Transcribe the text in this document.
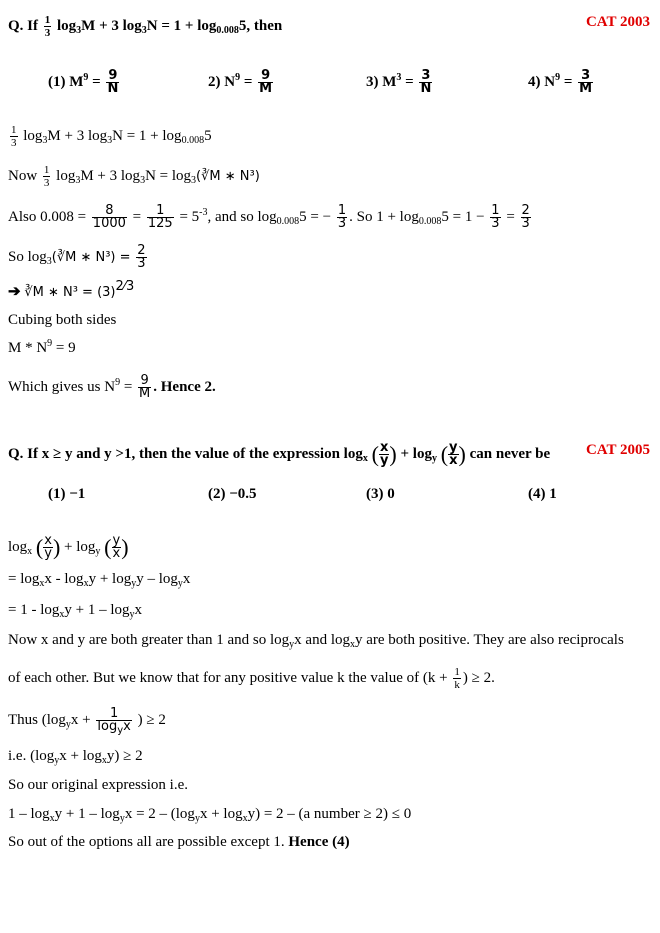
Q. If $\frac{1}{3} \log_3M + 3$ $\log_3N = 1 + \log_{0.008}5$, then	CAT 2003
(1) $M^9 = \frac{9}{N}$	2) $N^9 = \frac{9}{M}$	3) $M^3 = \frac{3}{N}$	4) $N^9 = \frac{3}{M}$
$\frac{1}{3} \log_3M + 3$ $\log_3N = 1 + \log_{0.008}5$
Now $\frac{1}{3} \log_3M + 3$ $\log_3N$ = $\log_3(∛M$ ∗ N³)
Also $0.008 = \frac{8}{1000} = \frac{1}{125} = 5^{-3}$, and so $\log_{0.008}5$ = − $\frac{1}{3}$ . So $1 + \log_{0.008}5 = 1 - \frac{1}{3} = \frac{2}{3}$
So $\log_3(∛M$ ∗ $N^3) = \frac{2}{3}$
➔ ∛M ∗ $N^3 = (3)^{2⁄3}$
Cubing both sides
$M * N^9 = 9$
Which gives us $N^9 = \frac{9}{M}$ . Hence 2.
Q. If x ≥ y and y >1, then the value of the expression $\log_x$ ( $\frac{x}{y}$ ) + $\log_y$ ( $\frac{y}{x}$ ) can never be CAT 2005
(1) −1	(2) −0.5	(3) 0	(4) 1
$\log_x$ ( $\frac{x}{y}$ ) + $\log_y$ ( $\frac{y}{x}$ )
= $\log_xx - \log_xy + \log_yy - \log_yx$
= $1 - \log_xy + 1 - \log_yx$
Now x and y are both greater than 1 and so $\log_yx$ and $\log_xy$ are both positive. They are also reciprocals
of each other. But we know that for any positive value k the value of ($k + \frac{1}{k}$ ) ≥ 2.
Thus ($\log_yx + \frac{1}{\log_yx}$ ) ≥ 2
i.e. $(\log_yx + \log_xy) \ge 2$
So our original expression i.e.
$1 - \log_xy + 1 - \log_yx = 2 - (\log_yx + \log_xy) = 2 - (a$ number ≥ 2) ≤ 0
So out of the options all are possible except 1. Hence (4)
